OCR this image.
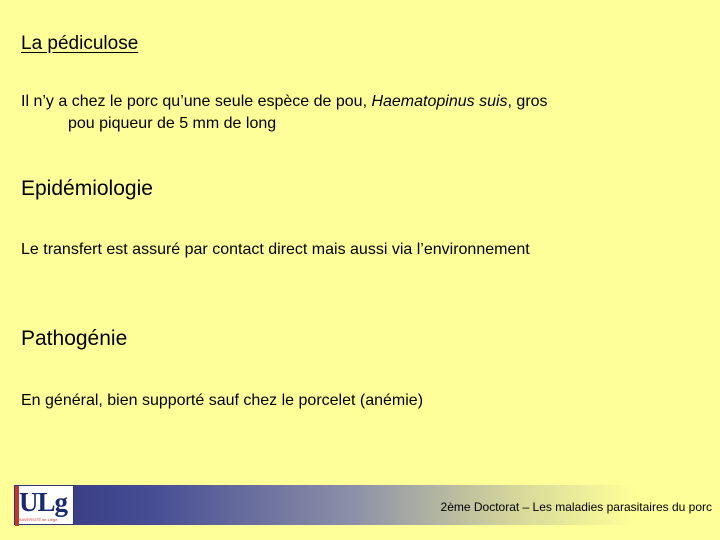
La pédiculose
Il n’y a chez le porc qu’une seule espèce de pou, Haematopinus suis, gros
pou piqueur de 5 mm de long
Epidémiologie
Le transfert est assuré par contact direct mais aussi via l’environnement
Pathogénie
En général, bien supporté sauf chez le porcelet (anémie)
ULg
UNIVERSITÉ de Liège
2ème Doctorat – Les maladies parasitaires du porc
